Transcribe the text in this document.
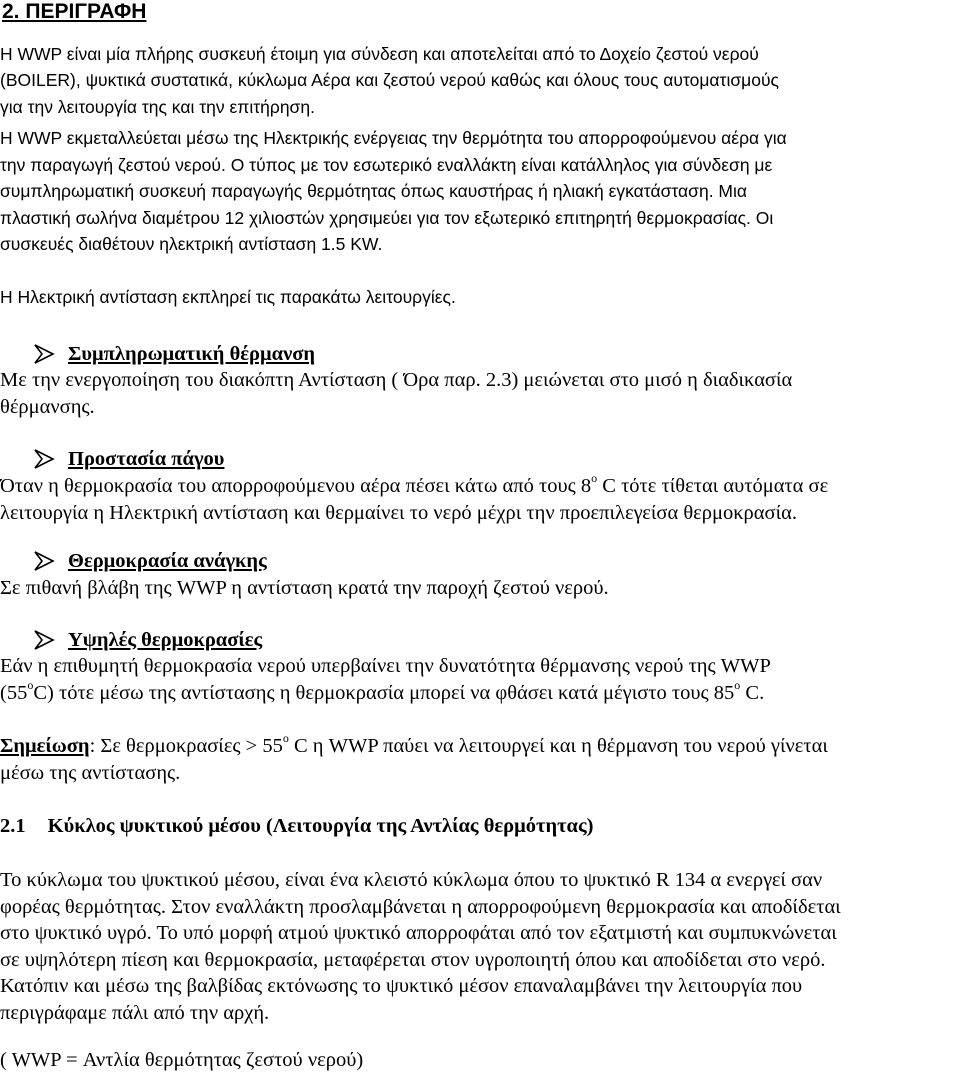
2. ΠΕΡΙΓΡΑΦΗ
Η WWP είναι μία πλήρης συσκευή έτοιμη για σύνδεση και αποτελείται από το Δοχείο ζεστού νερού
(BOILER), ψυκτικά συστατικά, κύκλωμα Αέρα και ζεστού νερού καθώς και όλους τους αυτοματισμούς
για την λειτουργία της και την επιτήρηση.
Η WWP εκμεταλλεύεται μέσω της Ηλεκτρικής ενέργειας την θερμότητα του απορροφούμενου αέρα για
την παραγωγή ζεστού νερού. Ο τύπος με τον εσωτερικό εναλλάκτη είναι κατάλληλος για σύνδεση με
συμπληρωματική συσκευή παραγωγής θερμότητας όπως καυστήρας ή ηλιακή εγκατάσταση. Μια
πλαστική σωλήνα διαμέτρου 12 χιλιοστών χρησιμεύει για τον εξωτερικό επιτηρητή θερμοκρασίας. Οι
συσκευές διαθέτουν ηλεκτρική αντίσταση 1.5 KW.
Η Ηλεκτρική αντίσταση εκπληρεί τις παρακάτω λειτουργίες.
Συμπληρωματική θέρμανση
Με την ενεργοποίηση του διακόπτη Αντίσταση ( Όρα παρ. 2.3) μειώνεται στο μισό η διαδικασία
θέρμανσης.
Προστασία πάγου
Όταν η θερμοκρασία του απορροφούμενου αέρα πέσει κάτω από τους $8^o$ C τότε τίθεται αυτόματα σε
λειτουργία η Ηλεκτρική αντίσταση και θερμαίνει το νερό μέχρι την προεπιλεγείσα θερμοκρασία.
Θερμοκρασία ανάγκης
Σε πιθανή βλάβη της WWP η αντίσταση κρατά την παροχή ζεστού νερού.
Υψηλές θερμοκρασίες
Εάν η επιθυμητή θερμοκρασία νερού υπερβαίνει την δυνατότητα θέρμανσης νερού της WWP
$(55^oC)$ τότε μέσω της αντίστασης η θερμοκρασία μπορεί να φθάσει κατά μέγιστο τους $85^o$ C.
Σημείωση: Σε $\theta\varepsilon\rho\mu o\kappa\rho\alpha\sigma ί\varepsilon\varsigma > 55^o$ C η WWP παύει να λειτουργεί και η θέρμανση του νερού γίνεται
μέσω της αντίστασης.
2.1 Κύκλος ψυκτικού μέσου (Λειτουργία της Αντλίας θερμότητας)
Το κύκλωμα του ψυκτικού μέσου, είναι ένα κλειστό κύκλωμα όπου το ψυκτικό R 134 α ενεργεί σαν
φορέας θερμότητας. Στον εναλλάκτη προσλαμβάνεται η απορροφούμενη θερμοκρασία και αποδίδεται
στο ψυκτικό υγρό. Το υπό μορφή ατμού ψυκτικό απορροφάται από τον εξατμιστή και συμπυκνώνεται
σε υψηλότερη πίεση και θερμοκρασία, μεταφέρεται στον υγροποιητή όπου και αποδίδεται στο νερό.
Κατόπιν και μέσω της βαλβίδας εκτόνωσης το ψυκτικό μέσον επαναλαμβάνει την λειτουργία που
περιγράφαμε πάλι από την αρχή.
( WWP = Αντλία θερμότητας ζεστού νερού)
